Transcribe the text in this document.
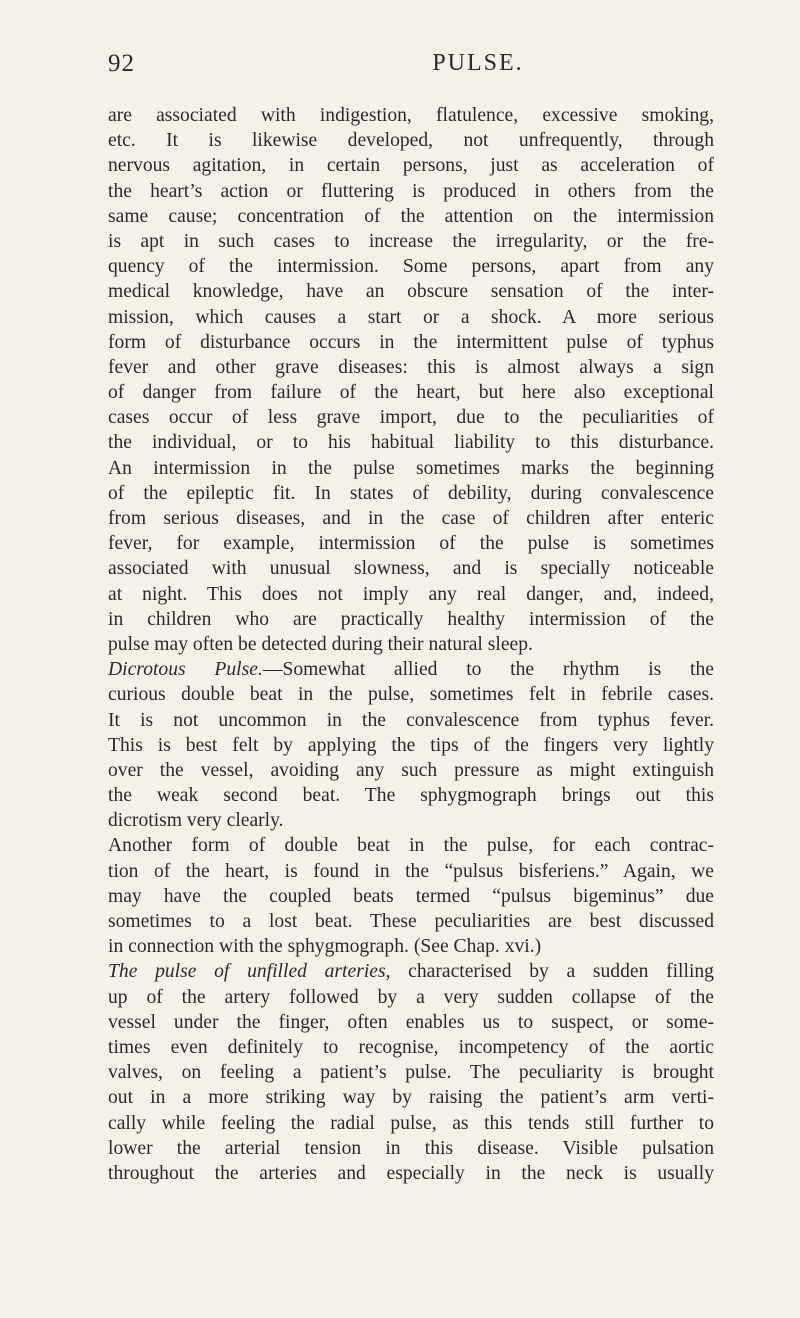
92	PULSE.
are associated with indigestion, flatulence, excessive smoking,
etc. It is likewise developed, not unfrequently, through
nervous agitation, in certain persons, just as acceleration of
the heart’s action or fluttering is produced in others from the
same cause; concentration of the attention on the intermission
is apt in such cases to increase the irregularity, or the fre-
quency of the intermission. Some persons, apart from any
medical knowledge, have an obscure sensation of the inter-
mission, which causes a start or a shock. A more serious
form of disturbance occurs in the intermittent pulse of typhus
fever and other grave diseases: this is almost always a sign
of danger from failure of the heart, but here also exceptional
cases occur of less grave import, due to the peculiarities of
the individual, or to his habitual liability to this disturbance.
An intermission in the pulse sometimes marks the beginning
of the epileptic fit. In states of debility, during convalescence
from serious diseases, and in the case of children after enteric
fever, for example, intermission of the pulse is sometimes
associated with unusual slowness, and is specially noticeable
at night. This does not imply any real danger, and, indeed,
in children who are practically healthy intermission of the
pulse may often be detected during their natural sleep.
Dicrotous Pulse.—Somewhat allied to the rhythm is the
curious double beat in the pulse, sometimes felt in febrile cases.
It is not uncommon in the convalescence from typhus fever.
This is best felt by applying the tips of the fingers very lightly
over the vessel, avoiding any such pressure as might extinguish
the weak second beat. The sphygmograph brings out this
dicrotism very clearly.
Another form of double beat in the pulse, for each contrac-
tion of the heart, is found in the “pulsus bisferiens.” Again, we
may have the coupled beats termed “pulsus bigeminus” due
sometimes to a lost beat. These peculiarities are best discussed
in connection with the sphygmograph. (See Chap. xvi.)
The pulse of unfilled arteries, characterised by a sudden filling
up of the artery followed by a very sudden collapse of the
vessel under the finger, often enables us to suspect, or some-
times even definitely to recognise, incompetency of the aortic
valves, on feeling a patient’s pulse. The peculiarity is brought
out in a more striking way by raising the patient’s arm verti-
cally while feeling the radial pulse, as this tends still further to
lower the arterial tension in this disease. Visible pulsation
throughout the arteries and especially in the neck is usually
